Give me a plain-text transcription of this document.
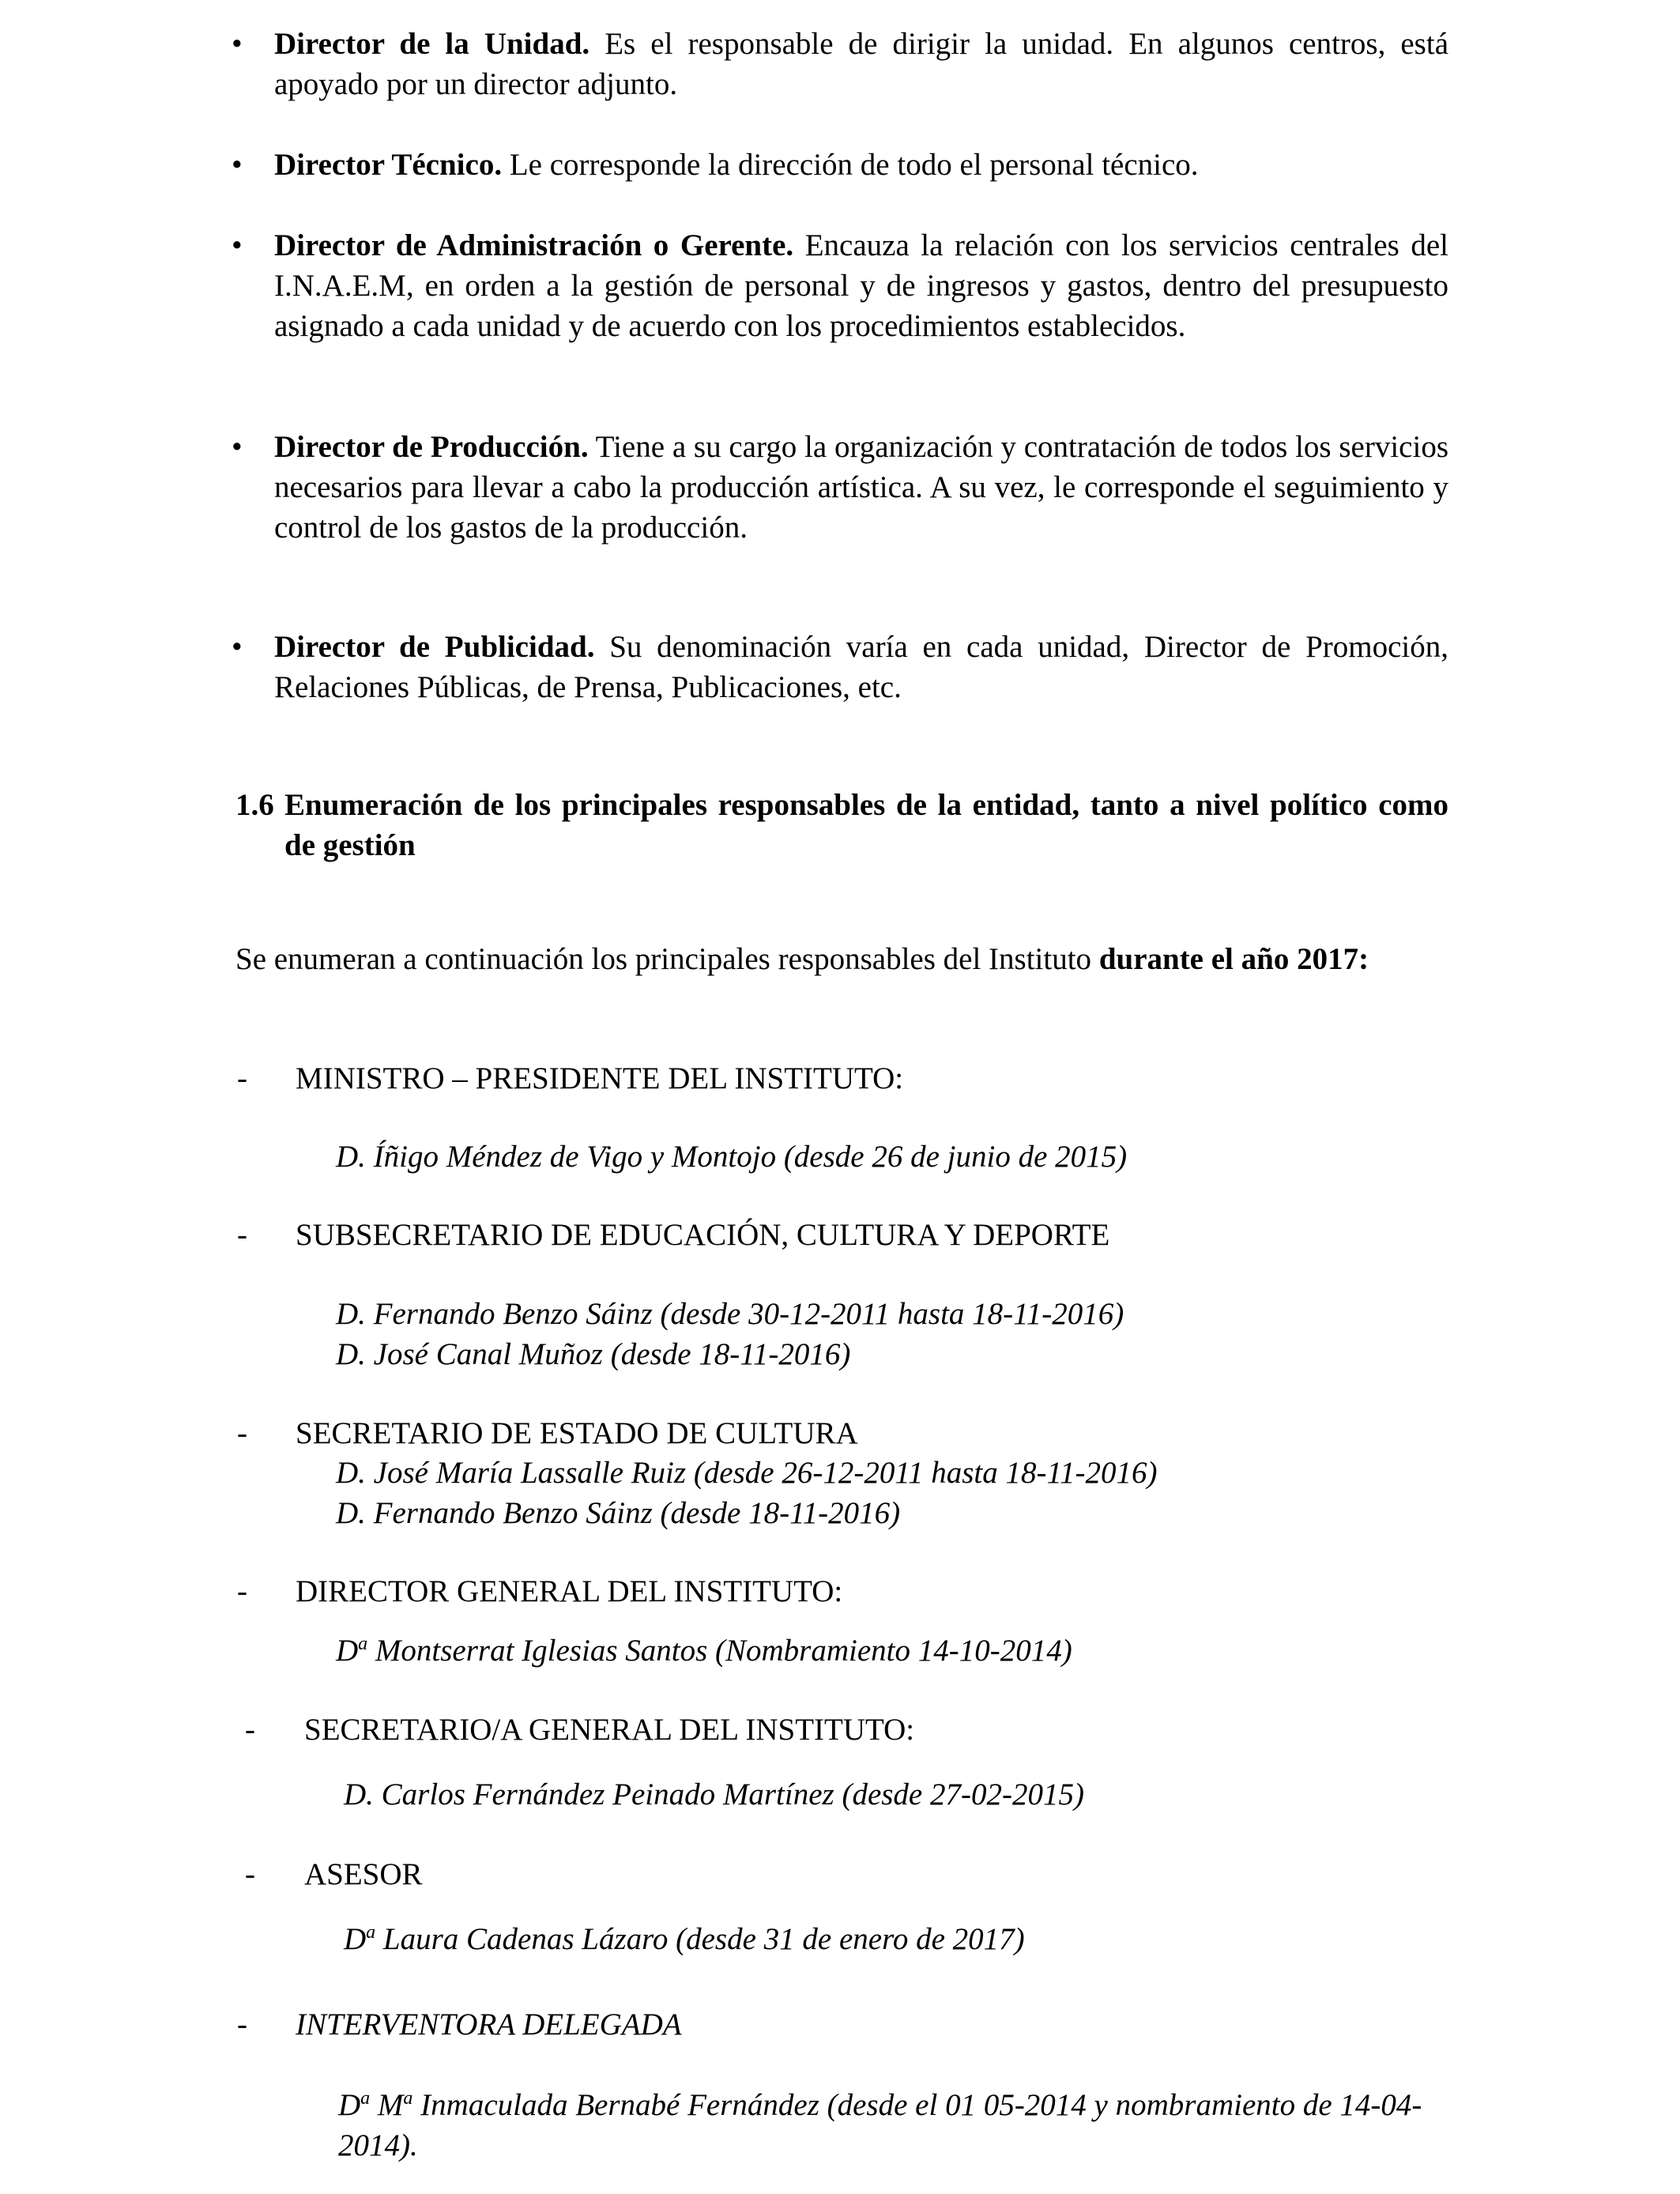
• Director de la Unidad. Es el responsable de dirigir la unidad. En algunos centros, está apoyado por un director adjunto.
• Director Técnico. Le corresponde la dirección de todo el personal técnico.
• Director de Administración o Gerente. Encauza la relación con los servicios centrales del I.N.A.E.M, en orden a la gestión de personal y de ingresos y gastos, dentro del presupuesto asignado a cada unidad y de acuerdo con los procedimientos establecidos.
• Director de Producción. Tiene a su cargo la organización y contratación de todos los servicios necesarios para llevar a cabo la producción artística. A su vez, le corresponde el seguimiento y control de los gastos de la producción.
• Director de Publicidad. Su denominación varía en cada unidad, Director de Promoción, Relaciones Públicas, de Prensa, Publicaciones, etc.
1.6 Enumeración de los principales responsables de la entidad, tanto a nivel político como de gestión
Se enumeran a continuación los principales responsables del Instituto durante el año 2017:
- MINISTRO – PRESIDENTE DEL INSTITUTO:
D. Íñigo Méndez de Vigo y Montojo (desde 26 de junio de 2015)
- SUBSECRETARIO DE EDUCACIÓN, CULTURA Y DEPORTE
D. Fernando Benzo Sáinz (desde 30-12-2011 hasta 18-11-2016)
D. José Canal Muñoz (desde 18-11-2016)
- SECRETARIO DE ESTADO DE CULTURA
D. José María Lassalle Ruiz (desde 26-12-2011 hasta 18-11-2016)
D. Fernando Benzo Sáinz (desde 18-11-2016)
- DIRECTOR GENERAL DEL INSTITUTO:
$D^a$ Montserrat Iglesias Santos (Nombramiento 14-10-2014)
- SECRETARIO/A GENERAL DEL INSTITUTO:
D. Carlos Fernández Peinado Martínez (desde 27-02-2015)
- ASESOR
$D^a$ Laura Cadenas Lázaro (desde 31 de enero de 2017)
- INTERVENTORA DELEGADA
$D^a$ $M^a$ Inmaculada Bernabé Fernández (desde el 01 05-2014 y nombramiento de 14-04-2014).
